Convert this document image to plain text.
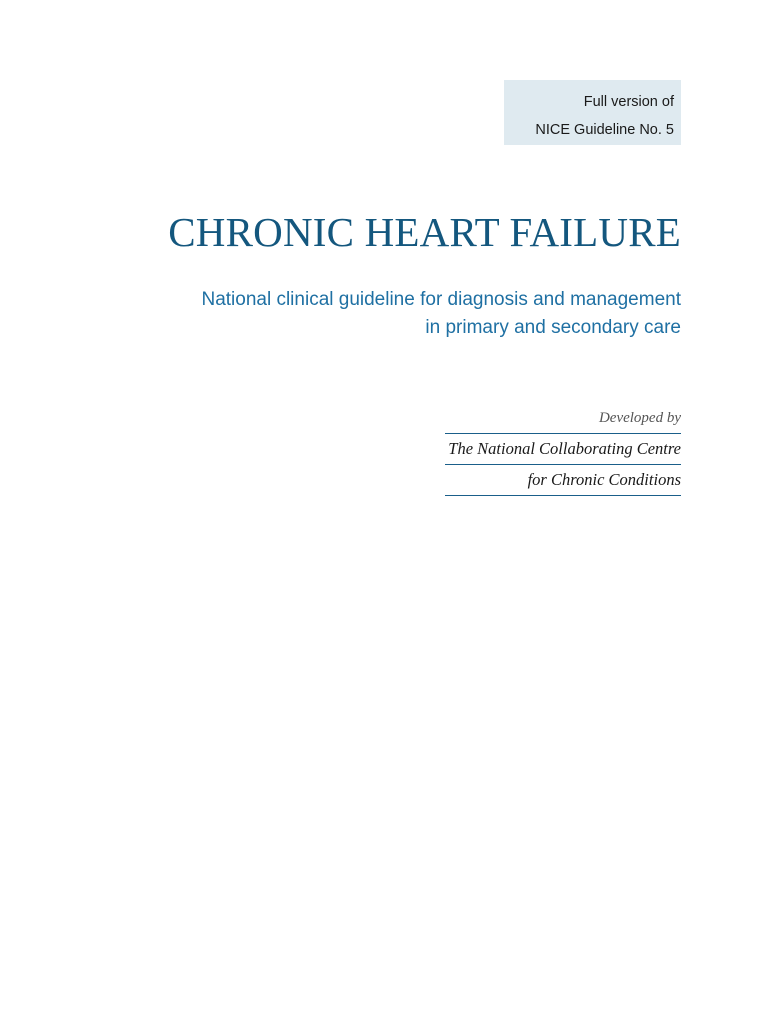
Full version of
NICE Guideline No. 5
CHRONIC HEART FAILURE
National clinical guideline for diagnosis and management
in primary and secondary care
Developed by
The National Collaborating Centre
for Chronic Conditions
